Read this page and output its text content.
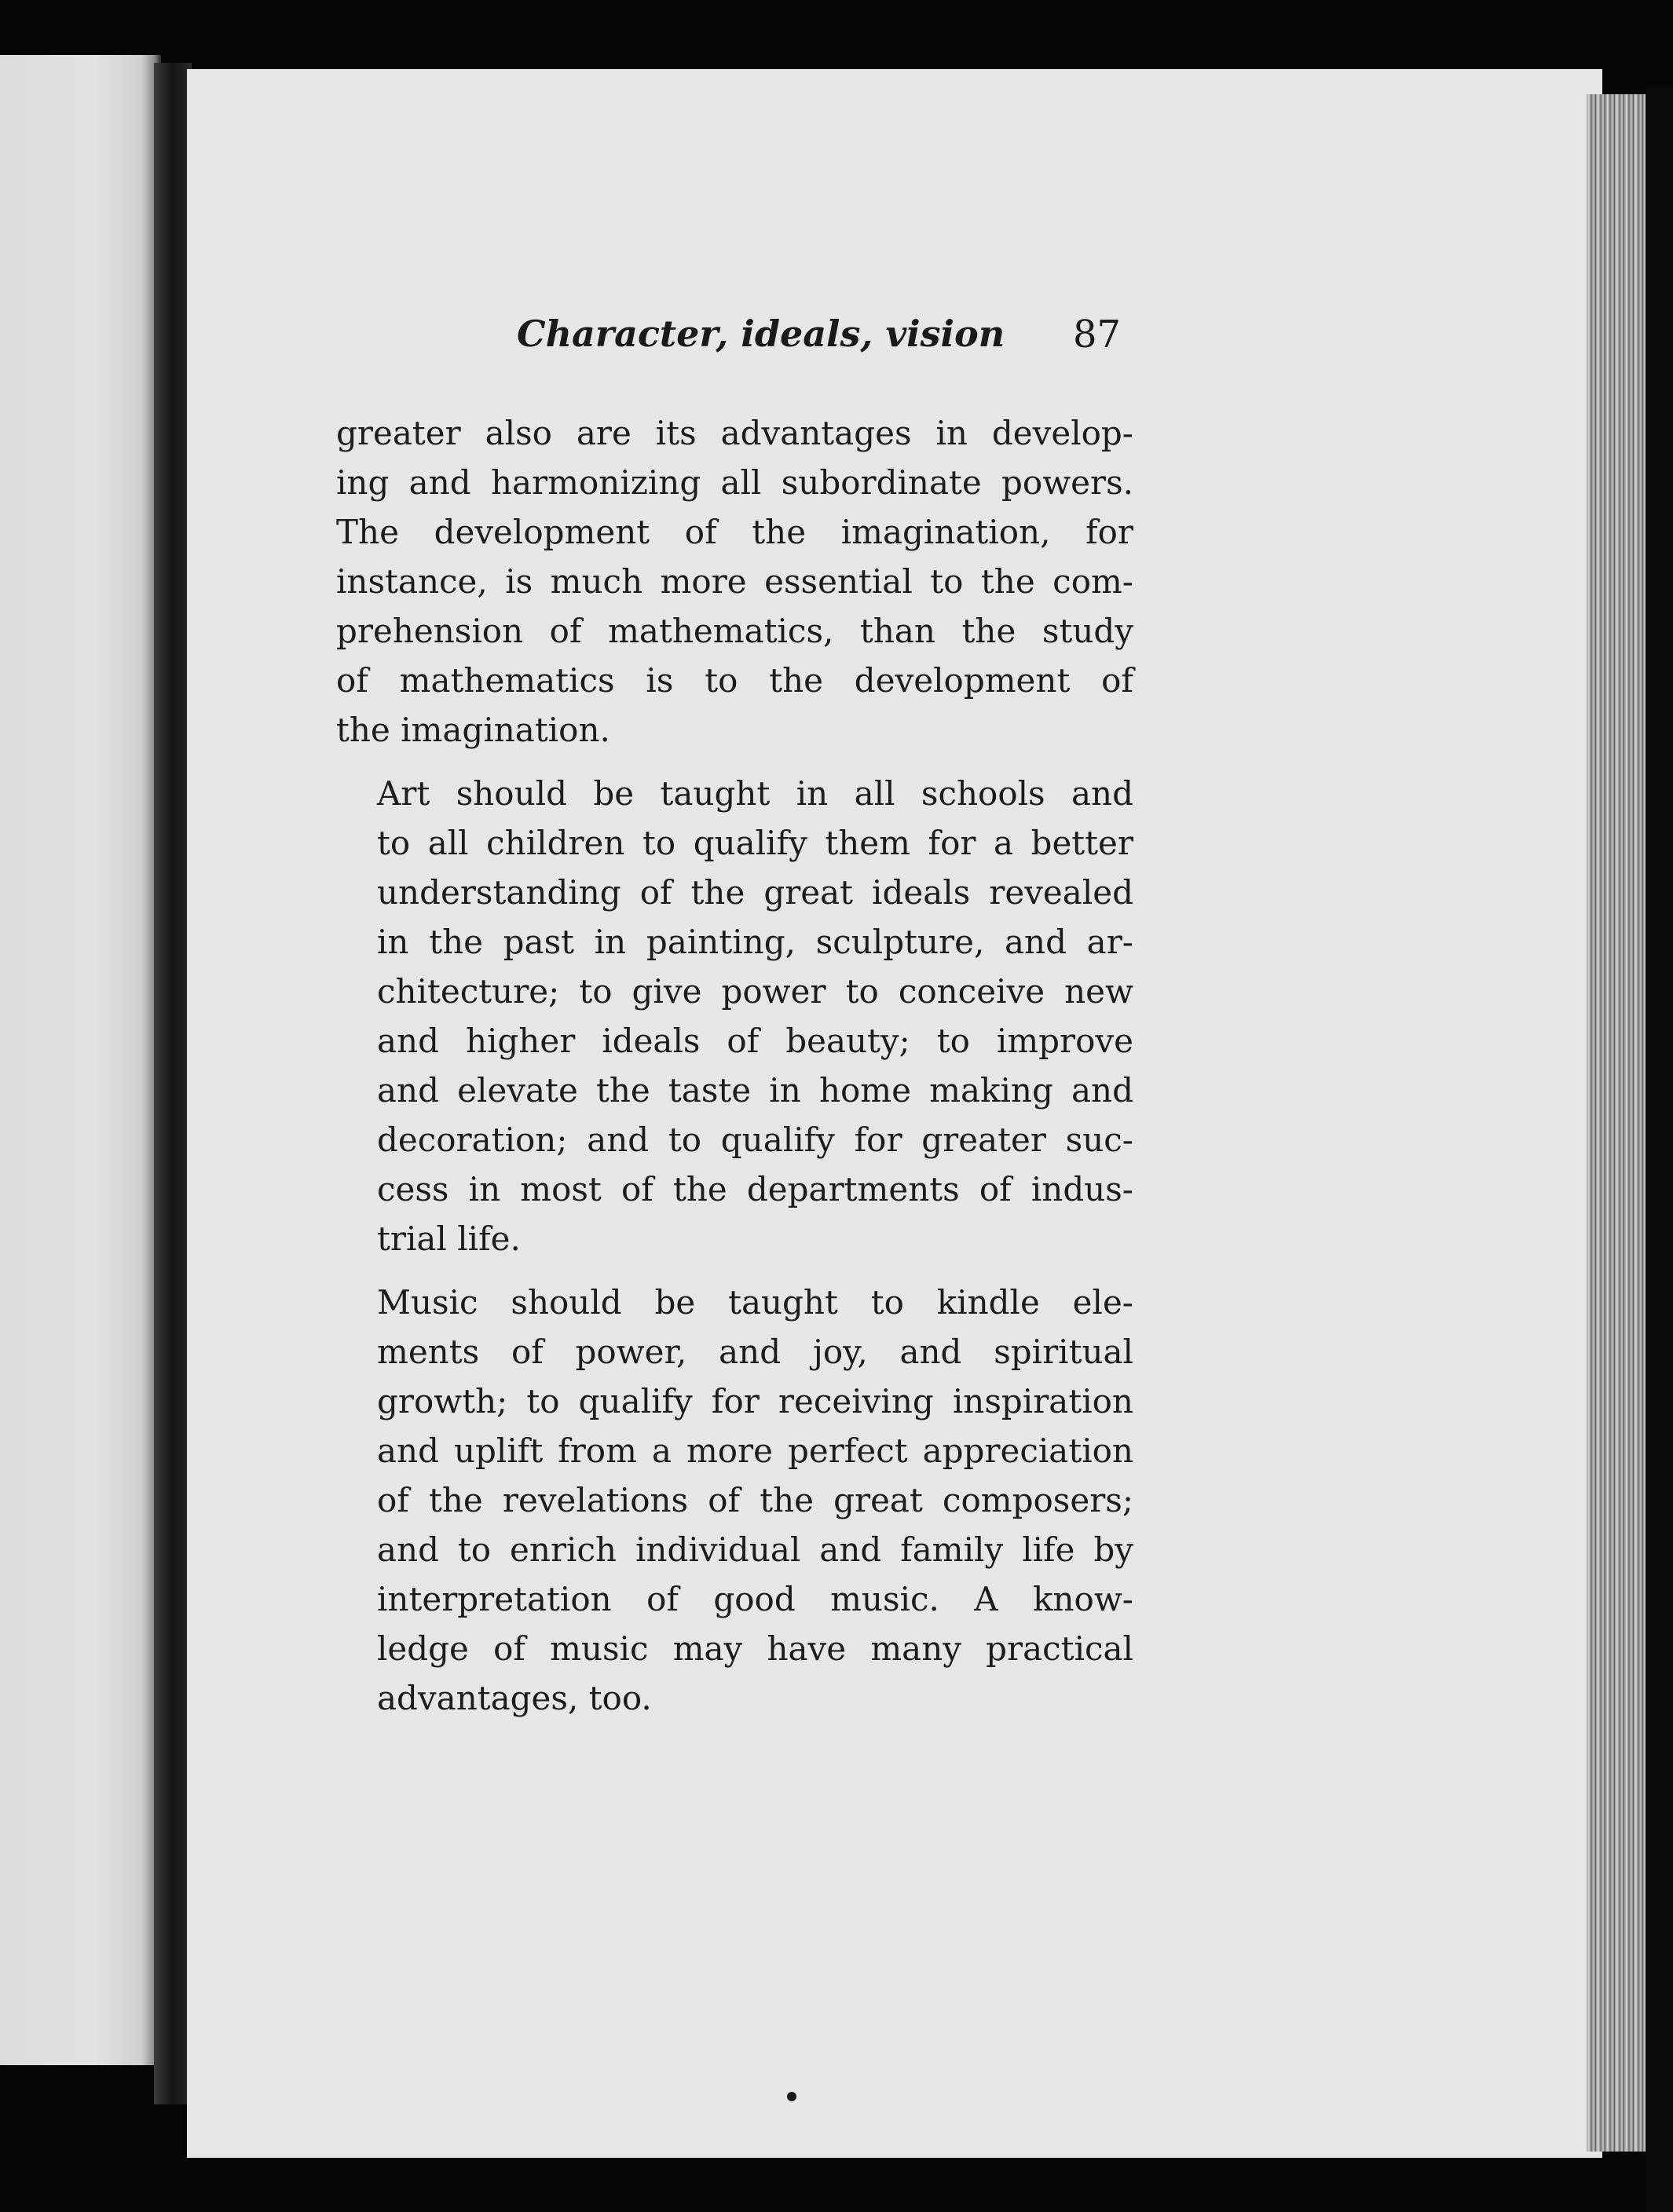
Character, ideals, vision 87
greater also are its advantages in develop-
ing and harmonizing all subordinate powers.
The development of the imagination, for
instance, is much more essential to the com-
prehension of mathematics, than the study
of mathematics is to the development of
the imagination.
Art should be taught in all schools and
to all children to qualify them for a better
understanding of the great ideals revealed
in the past in painting, sculpture, and ar-
chitecture; to give power to conceive new
and higher ideals of beauty; to improve
and elevate the taste in home making and
decoration; and to qualify for greater suc-
cess in most of the departments of indus-
trial life.
Music should be taught to kindle ele-
ments of power, and joy, and spiritual
growth; to qualify for receiving inspiration
and uplift from a more perfect appreciation
of the revelations of the great composers;
and to enrich individual and family life by
interpretation of good music. A know-
ledge of music may have many practical
advantages, too.
